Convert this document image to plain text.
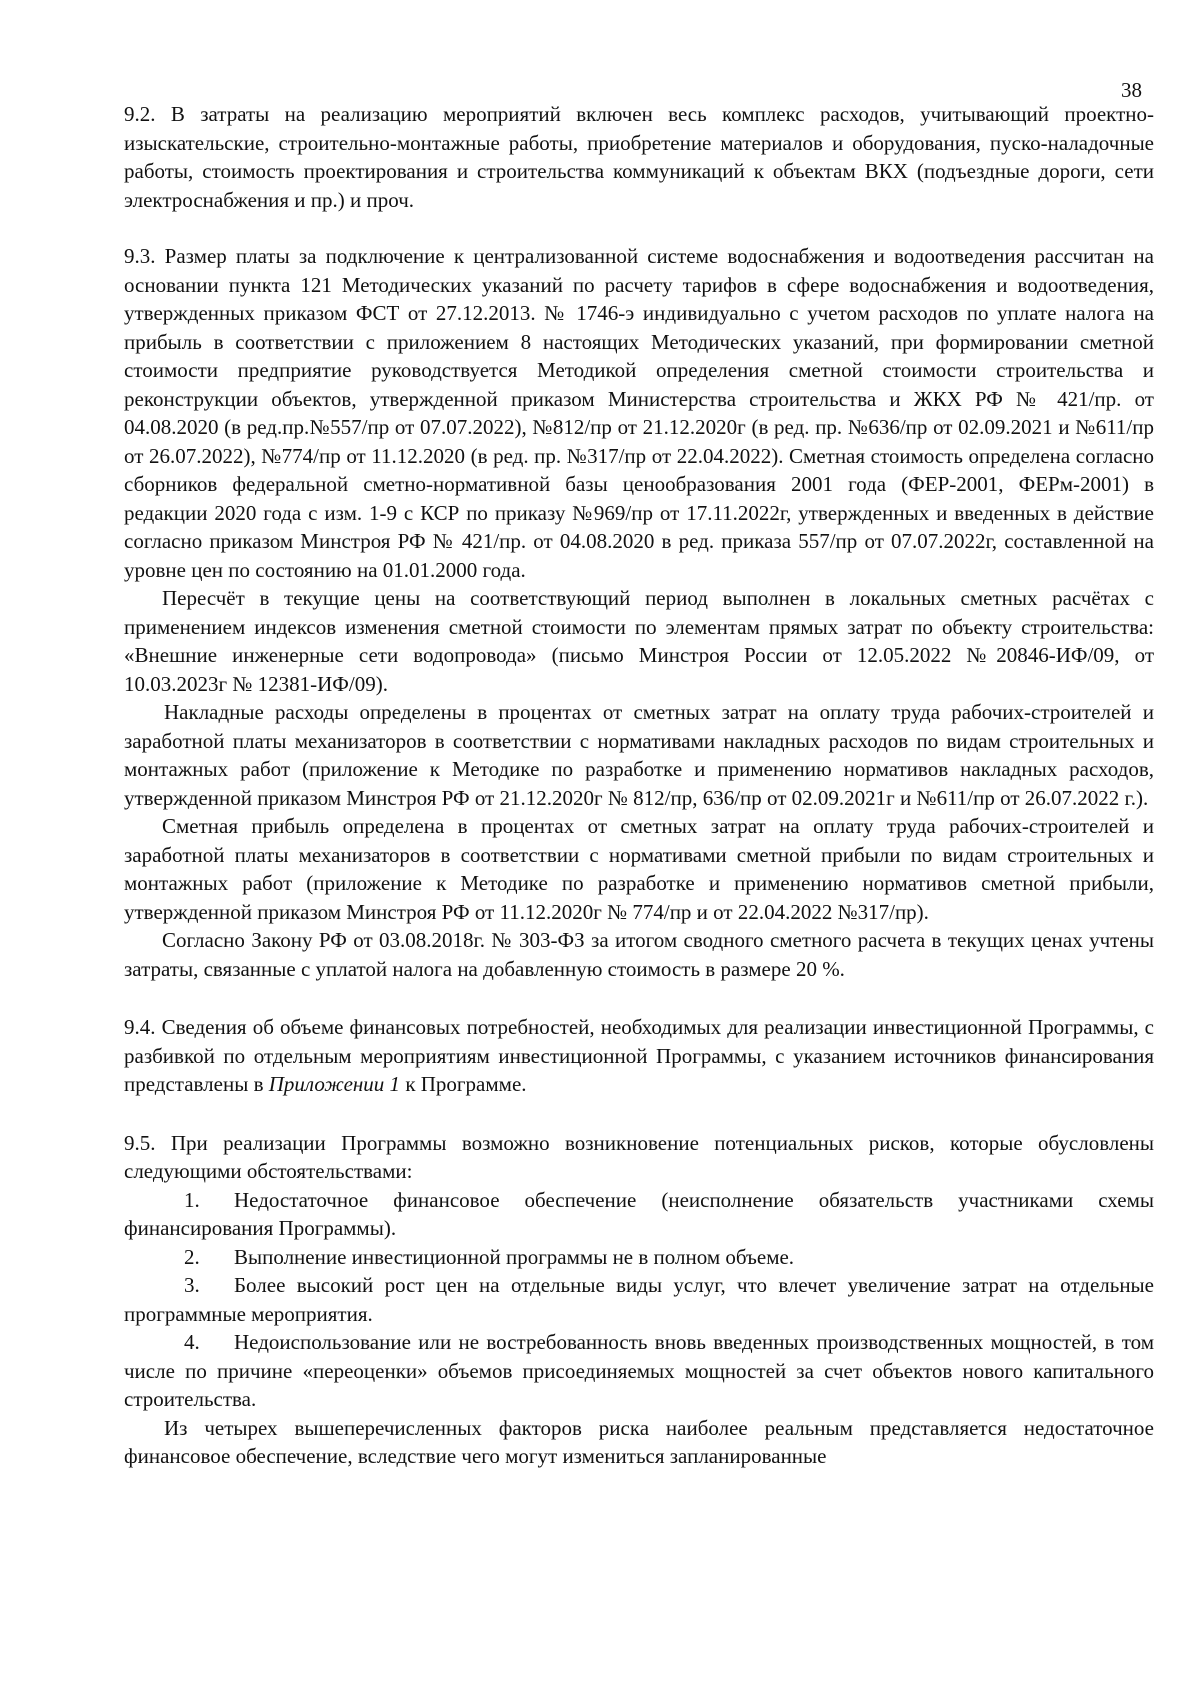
38

9.2. В затраты на реализацию мероприятий включен весь комплекс расходов, учитывающий проектно-изыскательские, строительно-монтажные работы, приобретение материалов и оборудования, пуско-наладочные работы, стоимость проектирования и строительства коммуникаций к объектам ВКХ (подъездные дороги, сети электроснабжения и пр.) и проч.

9.3. Размер платы за подключение к централизованной системе водоснабжения и водоотведения рассчитан на основании пункта 121 Методических указаний по расчету тарифов в сфере водоснабжения и водоотведения, утвержденных приказом ФСТ от 27.12.2013. № 1746-э индивидуально с учетом расходов по уплате налога на прибыль в соответствии с приложением 8 настоящих Методических указаний, при формировании сметной стоимости предприятие руководствуется Методикой определения сметной стоимости строительства и реконструкции объектов, утвержденной приказом Министерства строительства и ЖКХ РФ № 421/пр. от 04.08.2020 (в ред.пр.№557/пр от 07.07.2022), №812/пр от 21.12.2020г (в ред. пр. №636/пр от 02.09.2021 и №611/пр от 26.07.2022), №774/пр от 11.12.2020 (в ред. пр. №317/пр от 22.04.2022). Сметная стоимость определена согласно сборников федеральной сметно-нормативной базы ценообразования 2001 года (ФЕР-2001, ФЕРм-2001) в редакции 2020 года с изм. 1-9 с КСР по приказу №969/пр от 17.11.2022г, утвержденных и введенных в действие согласно приказом Минстроя РФ № 421/пр. от 04.08.2020 в ред. приказа 557/пр от 07.07.2022г, составленной на уровне цен по состоянию на 01.01.2000 года.

Пересчёт в текущие цены на соответствующий период выполнен в локальных сметных расчётах с применением индексов изменения сметной стоимости по элементам прямых затрат по объекту строительства: «Внешние инженерные сети водопровода» (письмо Минстроя России от 12.05.2022 №20846-ИФ/09, от 10.03.2023г № 12381-ИФ/09).

Накладные расходы определены в процентах от сметных затрат на оплату труда рабочих-строителей и заработной платы механизаторов в соответствии с нормативами накладных расходов по видам строительных и монтажных работ (приложение к Методике по разработке и применению нормативов накладных расходов, утвержденной приказом Минстроя РФ от 21.12.2020г № 812/пр, 636/пр от 02.09.2021г и №611/пр от 26.07.2022 г.).

Сметная прибыль определена в процентах от сметных затрат на оплату труда рабочих-строителей и заработной платы механизаторов в соответствии с нормативами сметной прибыли по видам строительных и монтажных работ (приложение к Методике по разработке и применению нормативов сметной прибыли, утвержденной приказом Минстроя РФ от 11.12.2020г № 774/пр и от 22.04.2022 №317/пр).

Согласно Закону РФ от 03.08.2018г. № 303-ФЗ за итогом сводного сметного расчета в текущих ценах учтены затраты, связанные с уплатой налога на добавленную стоимость в размере 20 %.

9.4. Сведения об объеме финансовых потребностей, необходимых для реализации инвестиционной Программы, с разбивкой по отдельным мероприятиям инвестиционной Программы, с указанием источников финансирования представлены в Приложении 1 к Программе.

9.5. При реализации Программы возможно возникновение потенциальных рисков, которые обусловлены следующими обстоятельствами:

1. Недостаточное финансовое обеспечение (неисполнение обязательств участниками схемы финансирования Программы).

2. Выполнение инвестиционной программы не в полном объеме.

3. Более высокий рост цен на отдельные виды услуг, что влечет увеличение затрат на отдельные программные мероприятия.

4. Недоиспользование или не востребованность вновь введенных производственных мощностей, в том числе по причине «переоценки» объемов присоединяемых мощностей за счет объектов нового капитального строительства.

Из четырех вышеперечисленных факторов риска наиболее реальным представляется недостаточное финансовое обеспечение, вследствие чего могут измениться запланированные
